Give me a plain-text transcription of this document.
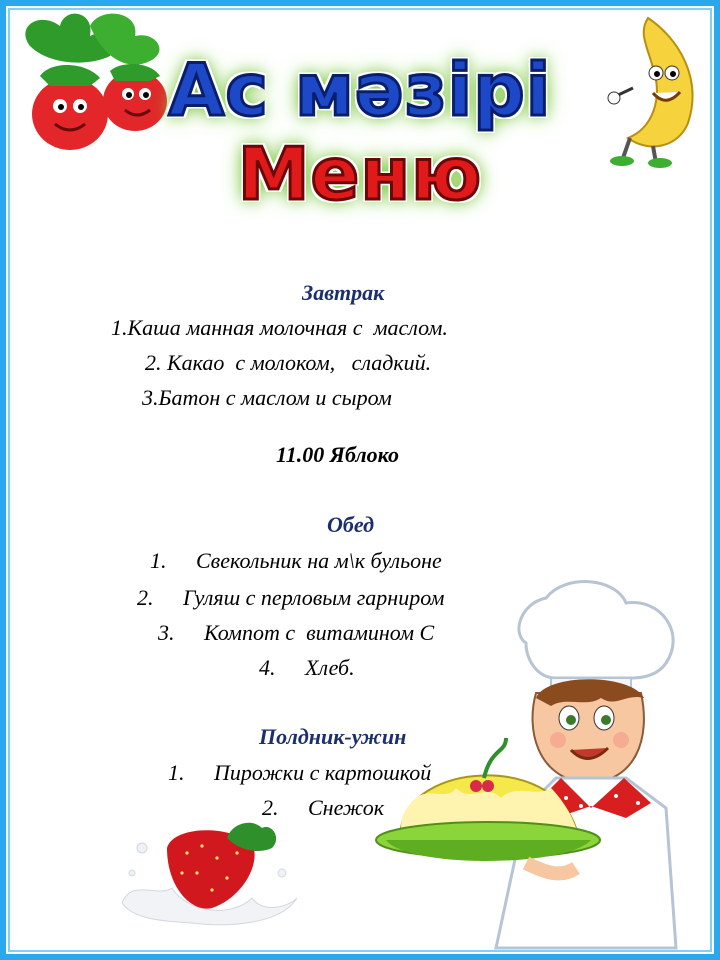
Ас мәзірі
Меню
Завтрак
1.Каша манная молочная с  маслом.
2. Какао  с молоком,   сладкий.
3.Батон с маслом и сыром
11.00 Яблоко
Обед
1. Свекольник на м\к бульоне
2. Гуляш с перловым гарниром
3. Компот с  витамином С
4. Хлеб.
Полдник-ужин
1. Пирожки с картошкой
2. Снежок
